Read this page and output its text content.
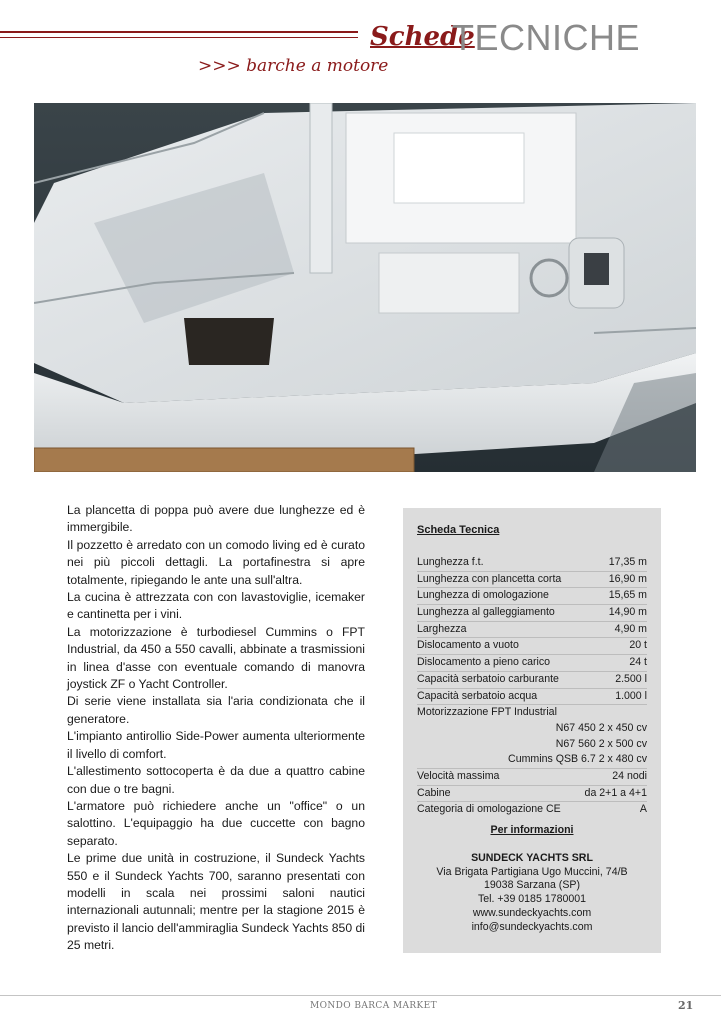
Schede
TECNICHE
>>> barche a motore

La plancetta di poppa può avere due lunghezze ed è immergibile.

Il pozzetto è arredato con un comodo living ed è curato nei più piccoli dettagli. La portafinestra si apre totalmente, ripiegando le ante una sull'altra.

La cucina è attrezzata con con lavastoviglie, icemaker e cantinetta per i vini.

La motorizzazione è turbodiesel Cummins o FPT Industrial, da 450 a 550 cavalli, abbinate a trasmissioni in linea d'asse con eventuale comando di manovra joystick ZF o Yacht Controller.

Di serie viene installata sia l'aria condizionata che il generatore.

L'impianto antirollio Side-Power aumenta ulteriormente il livello di comfort.

L'allestimento sottocoperta è da due a quattro cabine con due o tre bagni.

L'armatore può richiedere anche un "office" o un salottino. L'equipaggio ha due cuccette con bagno separato.

Le prime due unità in costruzione, il Sundeck Yachts 550 e il Sundeck Yachts 700, saranno presentati con modelli in scala nei prossimi saloni nautici internazionali autunnali; mentre per la stagione 2015 è previsto il lancio dell'ammiraglia Sundeck Yachts 850 di 25 metri.

Scheda Tecnica
Lunghezza f.t.	17,35 m
Lunghezza con plancetta corta	16,90 m
Lunghezza di omologazione	15,65 m
Lunghezza al galleggiamento	14,90 m
Larghezza	4,90 m
Dislocamento a vuoto	20 t
Dislocamento a pieno carico	24 t
Capacità serbatoio carburante	2.500 l
Capacità serbatoio acqua	1.000 l
Motorizzazione FPT Industrial
N67 450 2 x 450 cv
N67 560 2 x 500 cv
Cummins QSB 6.7 2 x 480 cv
Velocità massima	24 nodi
Cabine	da 2+1 a 4+1
Categoria di omologazione CE	A
Per informazioni
SUNDECK YACHTS SRL
Via Brigata Partigiana Ugo Muccini, 74/B
19038 Sarzana (SP)
Tel. +39 0185 1780001
www.sundeckyachts.com
info@sundeckyachts.com
MONDO BARCA MARKET	21
